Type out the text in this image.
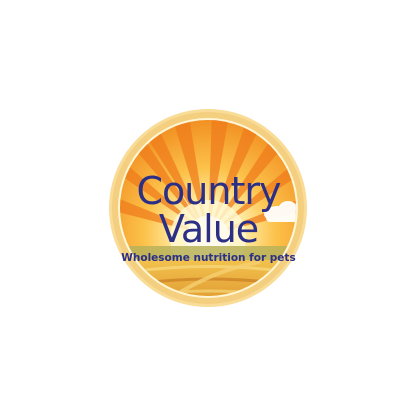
Country
Value
Wholesome nutrition for pets
